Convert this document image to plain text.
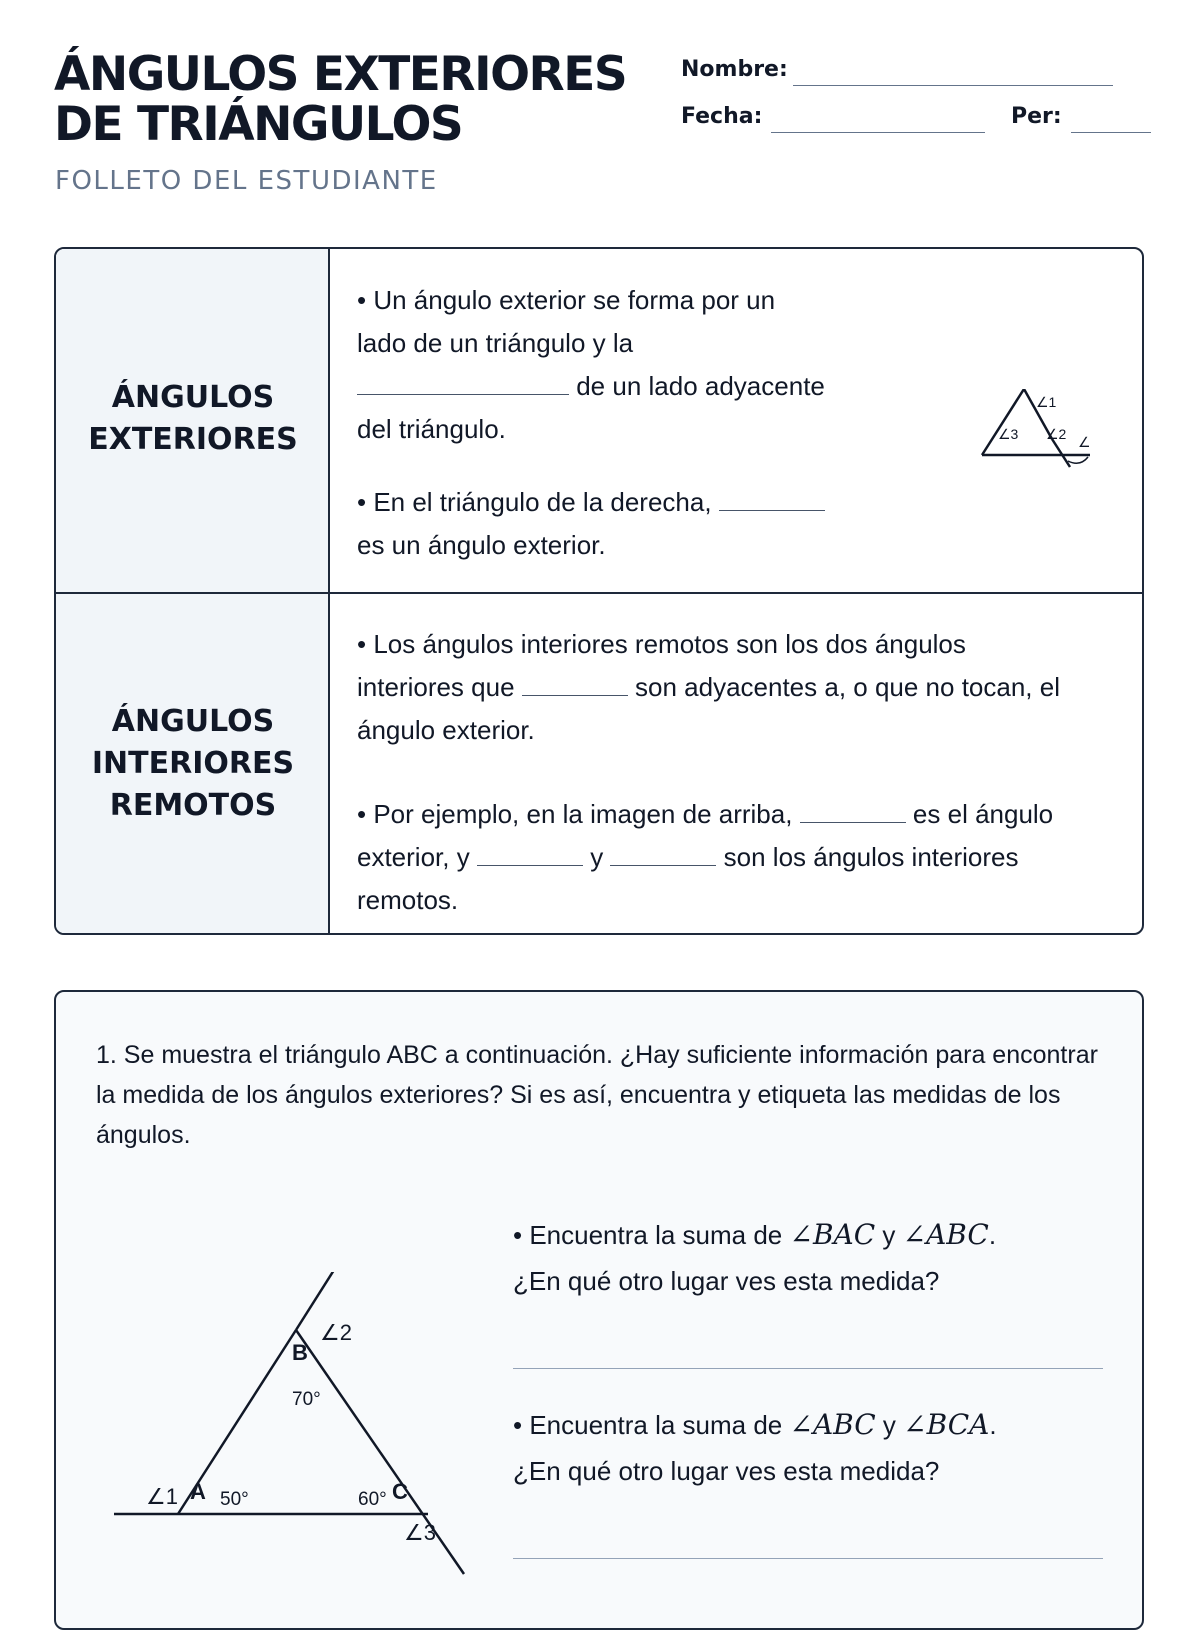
ÁNGULOS EXTERIORES
DE TRIÁNGULOS

FOLLETO DEL ESTUDIANTE

Nombre:
Fecha:	Per:
ÁNGULOS
EXTERIORES
• Un ángulo exterior se forma por un
lado de un triángulo y la
de un lado adyacente
del triángulo.
• En el triángulo de la derecha,
es un ángulo exterior.
∠1
∠2
∠3	∠
ÁNGULOS
INTERIORES
REMOTOS
• Los ángulos interiores remotos son los dos ángulos
interiores que	son adyacentes a, o que no tocan, el
ángulo exterior.
• Por ejemplo, en la imagen de arriba,	es el ángulo
exterior, y	y	son los ángulos interiores
remotos.

1. Se muestra el triángulo ABC a continuación. ¿Hay suficiente información para encontrar la medida de los ángulos exteriores? Si es así, encuentra y etiqueta las medidas de los ángulos.

A
B
C
50°
70°
60°
∠1
∠2
∠3

• Encuentra la suma de ∠BAC y ∠ABC.
¿En qué otro lugar ves esta medida?

• Encuentra la suma de ∠ABC y ∠BCA.
¿En qué otro lugar ves esta medida?
